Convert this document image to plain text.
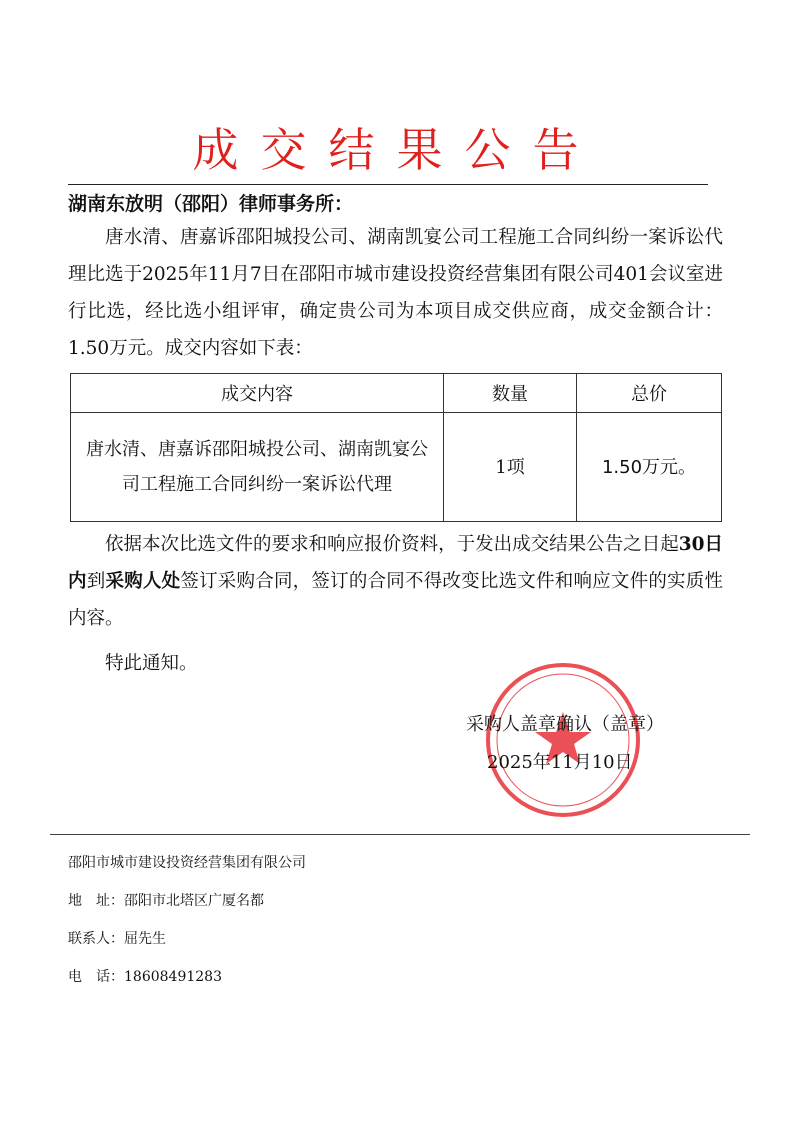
成交结果公告
湖南东放明（邵阳）律师事务所：
唐水清、唐嘉诉邵阳城投公司、湖南凯宴公司工程施工合同纠纷一案诉讼代理比选于2025年11月7日在邵阳市城市建设投资经营集团有限公司401会议室进行比选，经比选小组评审，确定贵公司为本项目成交供应商，成交金额合计：1.50万元。成交内容如下表：
成交内容	数量	总价
唐水清、唐嘉诉邵阳城投公司、湖南凯宴公司工程施工合同纠纷一案诉讼代理	1项	1.50万元。
依据本次比选文件的要求和响应报价资料，于发出成交结果公告之日起30日内到采购人处签订采购合同，签订的合同不得改变比选文件和响应文件的实质性内容。
特此通知。
采购人盖章确认（盖章）
2025年11月10日
邵阳市城市建设投资经营集团有限公司
地　址：邵阳市北塔区广厦名都
联系人：屈先生
电　话：18608491283
